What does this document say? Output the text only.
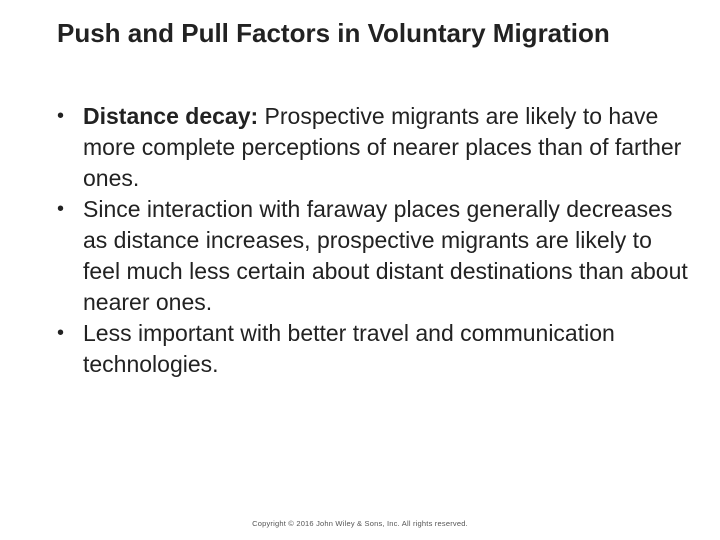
Push and Pull Factors in Voluntary Migration
• Distance decay: Prospective migrants are likely to have more complete perceptions of nearer places than of farther ones.
• Since interaction with faraway places generally decreases as distance increases, prospective migrants are likely to feel much less certain about distant destinations than about nearer ones.
• Less important with better travel and communication technologies.
Copyright © 2016 John Wiley & Sons, Inc. All rights reserved.
